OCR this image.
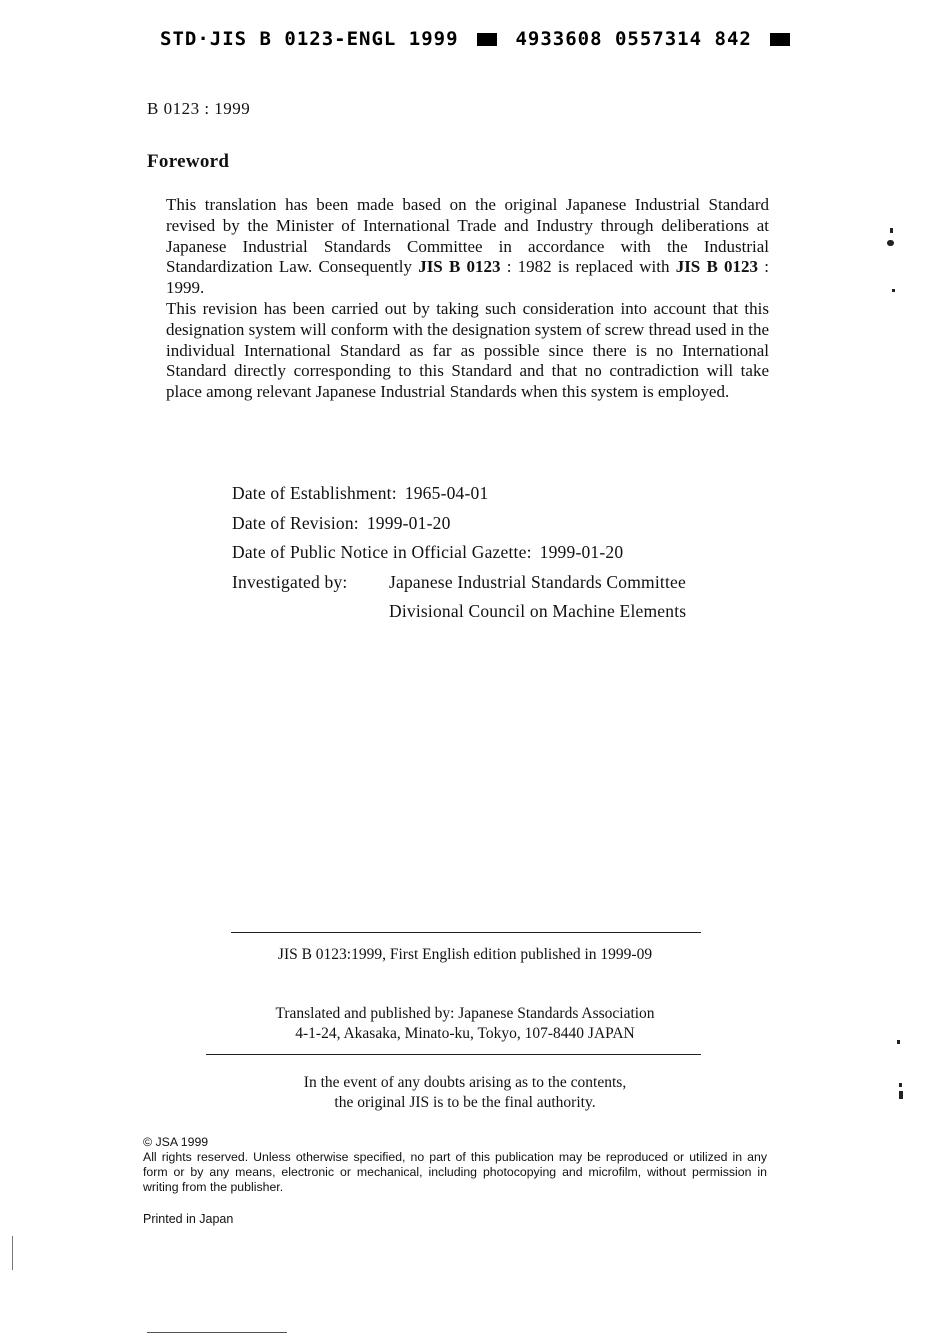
STD·JIS B 0123-ENGL 1999	4933608 0557314 842
B 0123 : 1999
Foreword

This translation has been made based on the original Japanese Industrial Standard revised by the Minister of International Trade and Industry through deliberations at Japanese Industrial Standards Committee in accordance with the Industrial Standardization Law. Consequently JIS B 0123 : 1982 is replaced with JIS B 0123 : 1999.

This revision has been carried out by taking such consideration into account that this designation system will conform with the designation system of screw thread used in the individual International Standard as far as possible since there is no International Standard directly corresponding to this Standard and that no contradiction will take place among relevant Japanese Industrial Standards when this system is employed.

Date of Establishment: 1965-04-01
Date of Revision: 1999-01-20
Date of Public Notice in Official Gazette: 1999-01-20
Investigated by: Japanese Industrial Standards Committee
Divisional Council on Machine Elements
JIS B 0123:1999, First English edition published in 1999-09
Translated and published by: Japanese Standards Association
4-1-24, Akasaka, Minato-ku, Tokyo, 107-8440 JAPAN
In the event of any doubts arising as to the contents,
the original JIS is to be the final authority.

© JSA 1999

All rights reserved. Unless otherwise specified, no part of this publication may be reproduced or utilized in any form or by any means, electronic or mechanical, including photocopying and microfilm, without permission in writing from the publisher.

Printed in Japan
